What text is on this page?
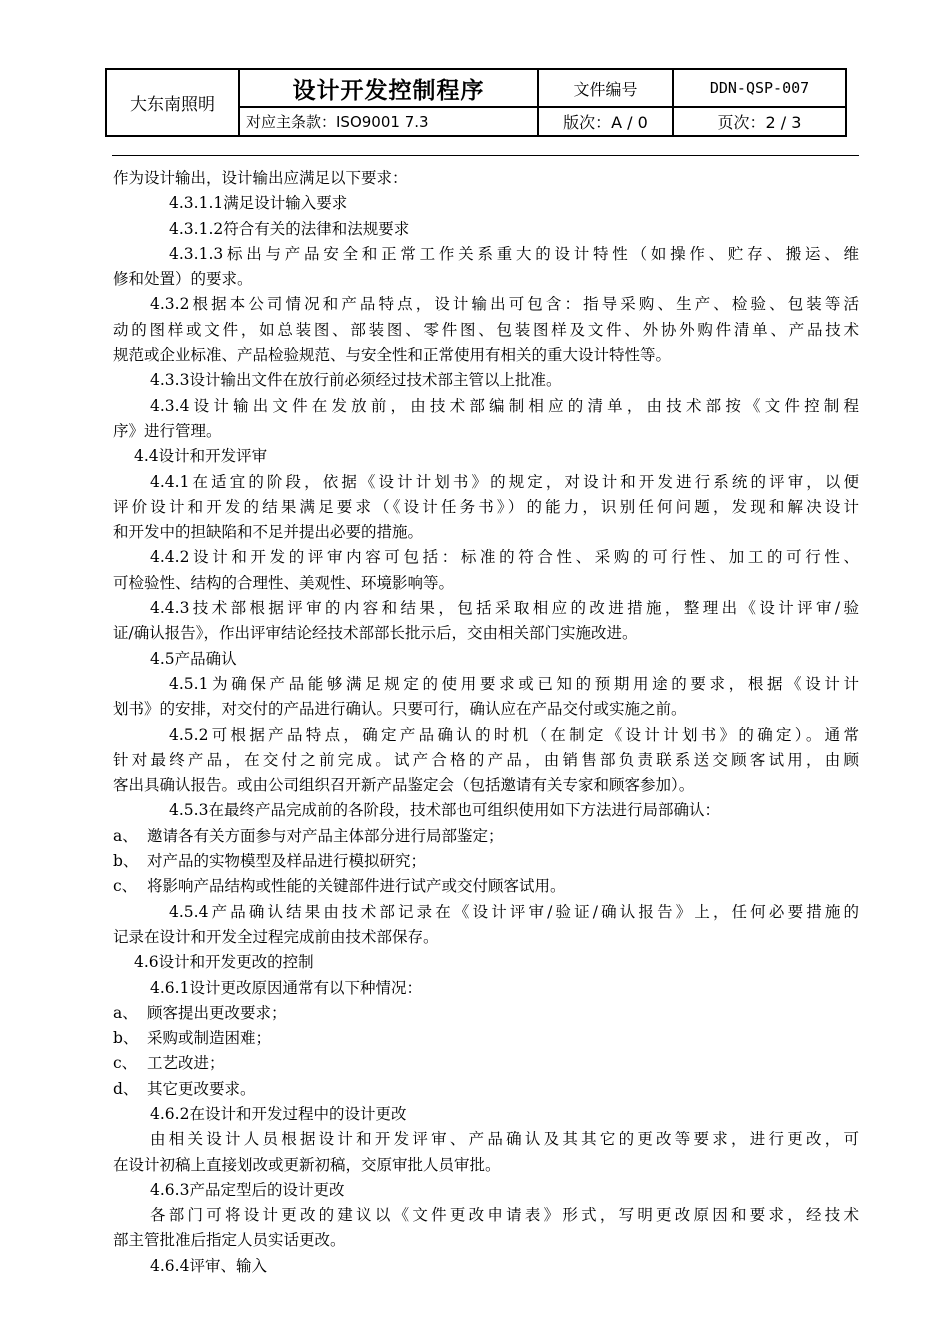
大东南照明	设计开发控制程序	文件编号	DDN-QSP-007
	对应主条款：ISO9001 7.3	版次：A / 0	页次：2 / 3
作为设计输出，设计输出应满足以下要求：
4.3.1.1满足设计输入要求
4.3.1.2符合有关的法律和法规要求
4.3.1.3标出与产品安全和正常工作关系重大的设计特性（如操作、贮存、搬运、维
修和处置）的要求。
4.3.2根据本公司情况和产品特点，设计输出可包含：指导采购、生产、检验、包装等活
动的图样或文件，如总装图、部装图、零件图、包装图样及文件、外协外购件清单、产品技术
规范或企业标准、产品检验规范、与安全性和正常使用有相关的重大设计特性等。
4.3.3设计输出文件在放行前必须经过技术部主管以上批准。
4.3.4设计输出文件在发放前，由技术部编制相应的清单，由技术部按《文件控制程
序》进行管理。
4.4设计和开发评审
4.4.1在适宜的阶段，依据《设计计划书》的规定，对设计和开发进行系统的评审，以便
评价设计和开发的结果满足要求（《设计任务书》）的能力，识别任何问题，发现和解决设计
和开发中的担缺陷和不足并提出必要的措施。
4.4.2设计和开发的评审内容可包括：标准的符合性、采购的可行性、加工的可行性、
可检验性、结构的合理性、美观性、环境影响等。
4.4.3技术部根据评审的内容和结果，包括采取相应的改进措施，整理出《设计评审/验
证/确认报告》，作出评审结论经技术部部长批示后，交由相关部门实施改进。
4.5产品确认
4.5.1为确保产品能够满足规定的使用要求或已知的预期用途的要求，根据《设计计
划书》的安排，对交付的产品进行确认。只要可行，确认应在产品交付或实施之前。
4.5.2可根据产品特点，确定产品确认的时机（在制定《设计计划书》的确定）。通常
针对最终产品，在交付之前完成。试产合格的产品，由销售部负责联系送交顾客试用，由顾
客出具确认报告。或由公司组织召开新产品鉴定会（包括邀请有关专家和顾客参加）。
4.5.3在最终产品完成前的各阶段，技术部也可组织使用如下方法进行局部确认：
a、 邀请各有关方面参与对产品主体部分进行局部鉴定；
b、 对产品的实物模型及样品进行模拟研究；
c、 将影响产品结构或性能的关键部件进行试产或交付顾客试用。
4.5.4产品确认结果由技术部记录在《设计评审/验证/确认报告》上，任何必要措施的
记录在设计和开发全过程完成前由技术部保存。
4.6设计和开发更改的控制
4.6.1设计更改原因通常有以下种情况：
a、 顾客提出更改要求；
b、 采购或制造困难；
c、 工艺改进；
d、 其它更改要求。
4.6.2在设计和开发过程中的设计更改
由相关设计人员根据设计和开发评审、产品确认及其其它的更改等要求，进行更改，可
在设计初稿上直接划改或更新初稿，交原审批人员审批。
4.6.3产品定型后的设计更改
各部门可将设计更改的建议以《文件更改申请表》形式，写明更改原因和要求，经技术
部主管批准后指定人员实话更改。
4.6.4评审、输入
